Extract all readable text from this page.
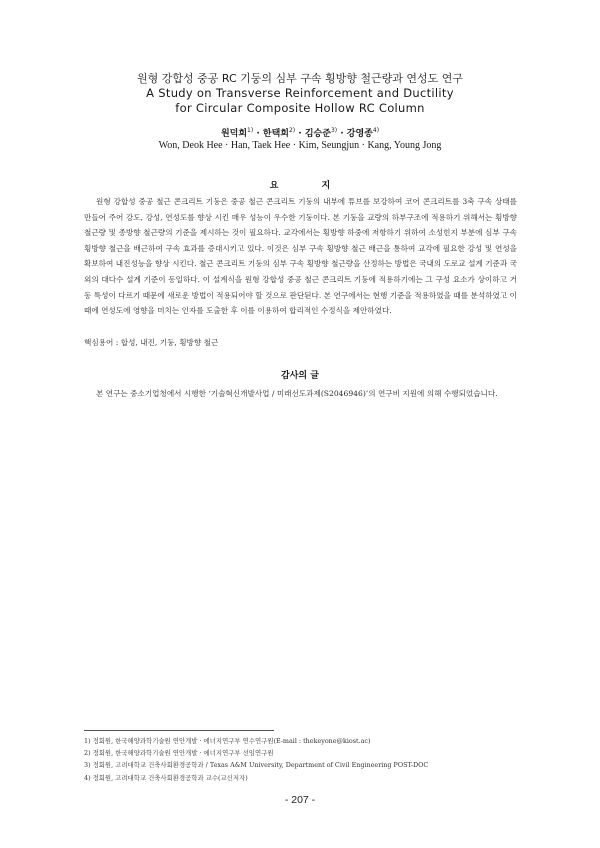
원형 강합성 중공 RC 기둥의 심부 구속 횡방향 철근량과 연성도 연구
A Study on Transverse Reinforcement and Ductility
for Circular Composite Hollow RC Column
원덕희$^{1)}$ · 한택희$^{2)}$ · 김승준$^{3)}$ · 강영종$^{4)}$
Won, Deok Hee · Han, Taek Hee · Kim, Seungjun · Kang, Young Jong
요 지

원형 강합성 중공 철근 콘크리트 기둥은 중공 철근 콘크리트 기둥의 내부에 튜브를 보강하여 코어 콘크리트를 3축 구속 상태를 만들어 주어 강도, 강성, 연성도를 향상 시킨 매우 성능이 우수한 기둥이다. 본 기둥을 교량의 하부구조에 적용하기 위해서는 횡방향 철근량 및 종방향 철근량의 기준을 제시하는 것이 필요하다. 교각에서는 횡방향 하중에 저항하기 위하여 소성힌지 부분에 심부 구속 횡방향 철근을 배근하여 구속 효과를 증대시키고 있다. 이것은 심부 구속 횡방향 철근 배근을 통하여 교각에 필요한 강성 및 연성을 확보하여 내진성능을 향상 시킨다. 철근 콘크리트 기둥의 심부 구속 횡방향 철근량을 산정하는 방법은 국내의 도로교 설계 기준과 국외의 대다수 설계 기준이 동일하다. 이 설계식을 원형 강합성 중공 철근 콘크리트 기둥에 적용하기에는 그 구성 요소가 상이하고 거동 특성이 다르기 때문에 새로운 방법이 적용되어야 할 것으로 판단된다. 본 연구에서는 현행 기준을 적용하였을 때를 분석하였고 이때에 연성도에 영향을 미치는 인자를 도출한 후 이를 이용하여 합리적인 수정식을 제안하였다.

핵심용어 : 합성, 내진, 기둥, 횡방향 철근
감사의 글

본 연구는 중소기업청에서 시행한 ‘기술혁신개발사업 / 미래선도과제(S2046946)’의 연구비 지원에 의해 수행되었습니다.

1) 정회원, 한국해양과학기술원 연안개발 · 에너지연구부 연수연구원(E-mail : thekeyone@kiost.ac)
2) 정회원, 한국해양과학기술원 연안개발 · 에너지연구부 선임연구원
3) 정회원, 고려대학교 건축사회환경공학과 / Texas A&M University, Department of Civil Engineering POST-DOC
4) 정회원, 고려대학교 건축사회환경공학과 교수(교신저자)
- 207 -
